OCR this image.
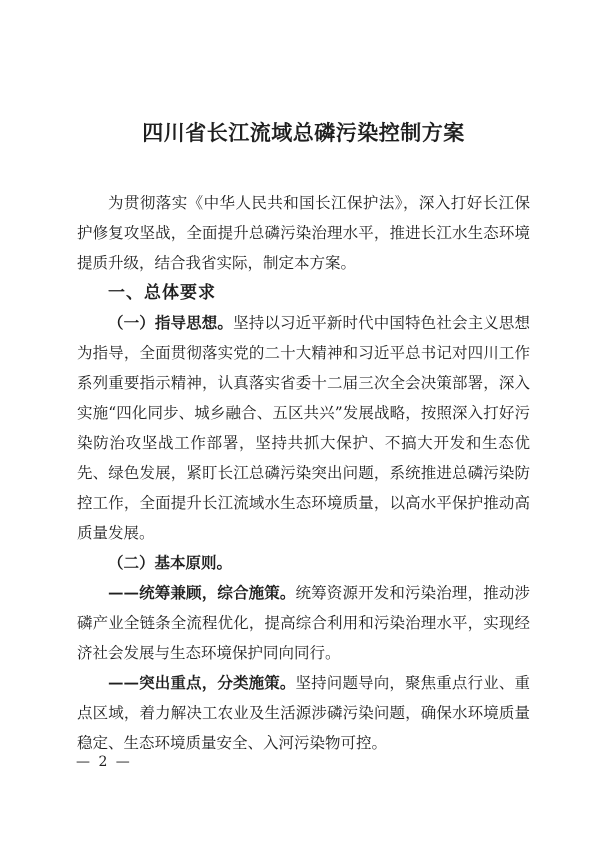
四川省长江流域总磷污染控制方案

为贯彻落实《中华人民共和国长江保护法》，深入打好长江保护修复攻坚战，全面提升总磷污染治理水平，推进长江水生态环境提质升级，结合我省实际，制定本方案。

一、总体要求

（一）指导思想。坚持以习近平新时代中国特色社会主义思想为指导，全面贯彻落实党的二十大精神和习近平总书记对四川工作系列重要指示精神，认真落实省委十二届三次全会决策部署，深入实施“四化同步、城乡融合、五区共兴”发展战略，按照深入打好污染防治攻坚战工作部署，坚持共抓大保护、不搞大开发和生态优先、绿色发展，紧盯长江总磷污染突出问题，系统推进总磷污染防控工作，全面提升长江流域水生态环境质量，以高水平保护推动高质量发展。

（二）基本原则。

——统筹兼顾，综合施策。统筹资源开发和污染治理，推动涉磷产业全链条全流程优化，提高综合利用和污染治理水平，实现经济社会发展与生态环境保护同向同行。

——突出重点，分类施策。坚持问题导向，聚焦重点行业、重点区域，着力解决工农业及生活源涉磷污染问题，确保水环境质量稳定、生态环境质量安全、入河污染物可控。

— 2 —
